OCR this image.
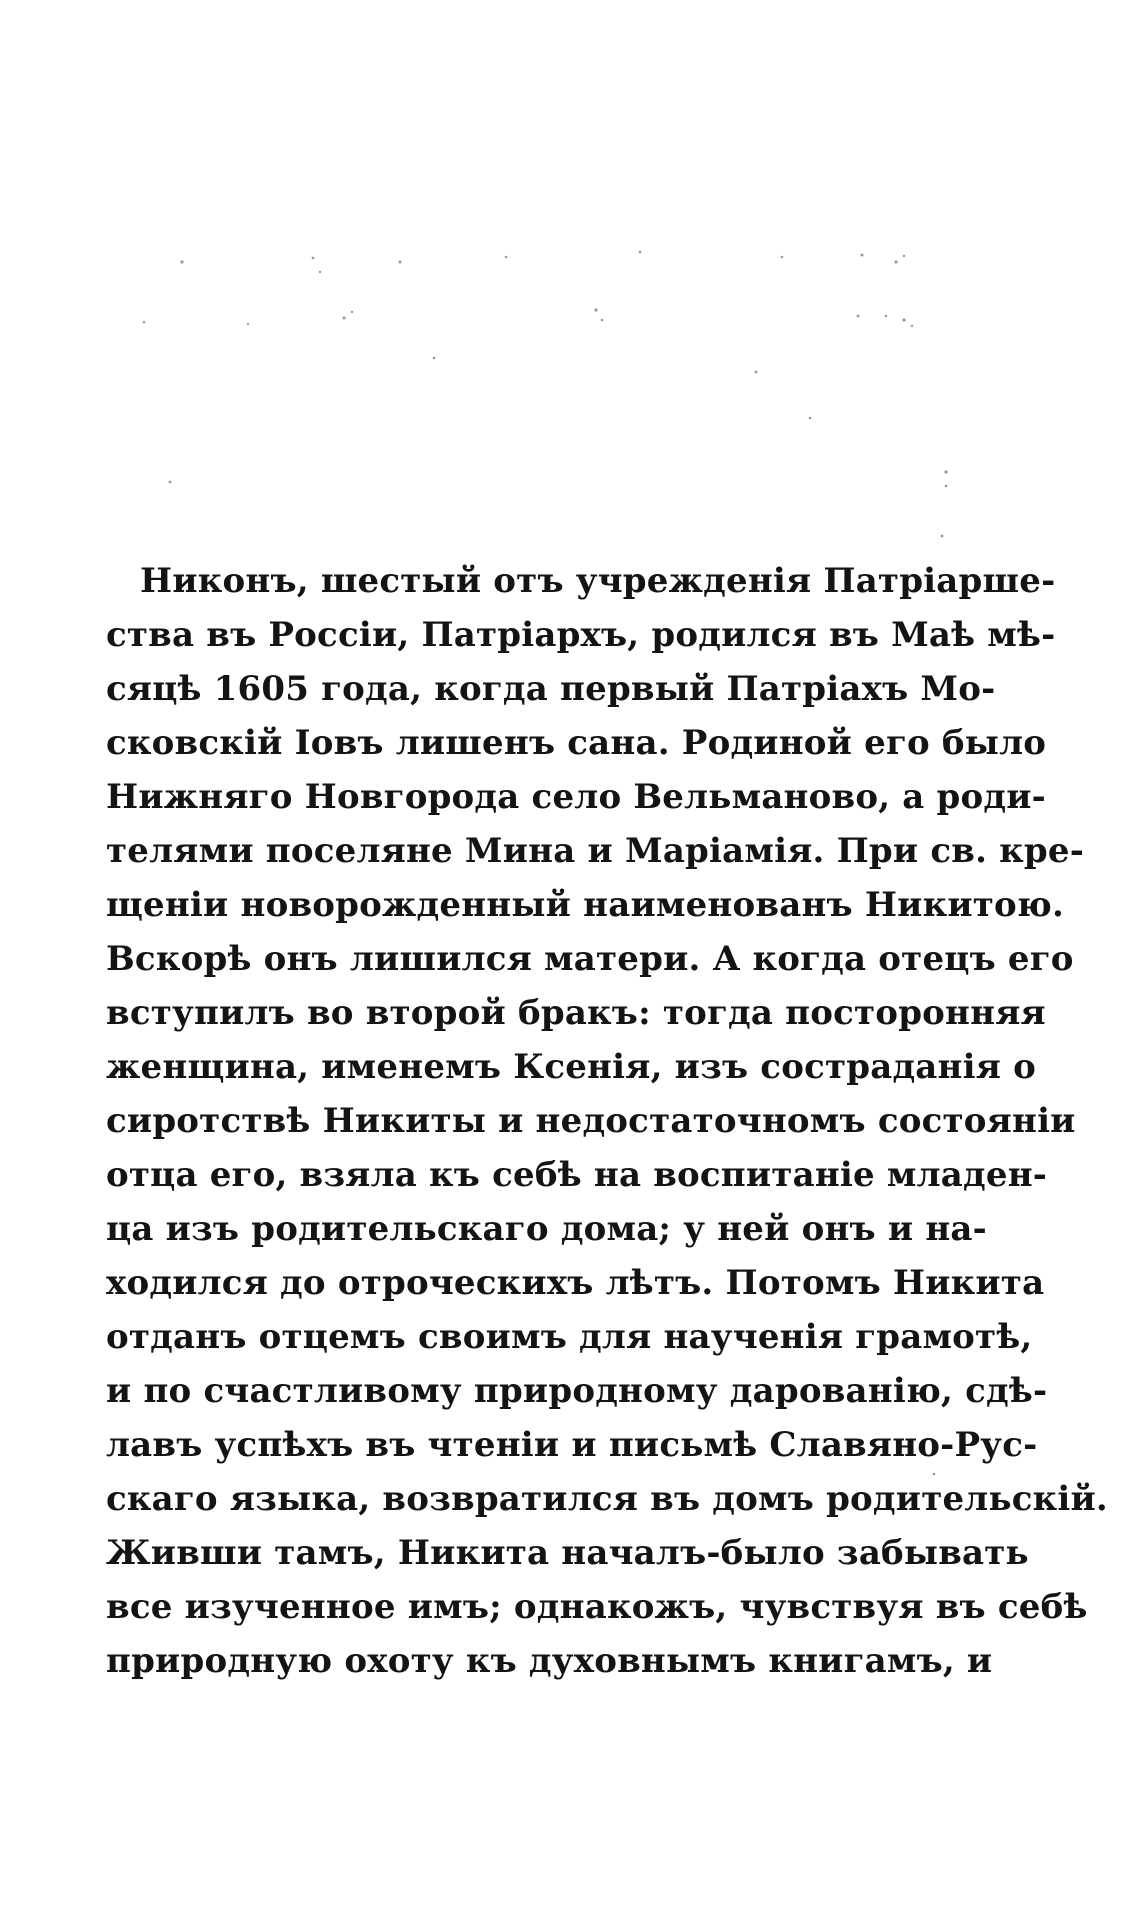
Никонъ, шестый отъ учрежденія Патріарше-
ства въ Россіи, Патріархъ, родился въ Маѣ мѣ-
сяцѣ 1605 года, когда первый Патріахъ Мо-
сковскій Іовъ лишенъ сана. Родиной его было
Нижняго Новгорода село Вельманово, а роди-
телями поселяне Мина и Маріамія. При св. кре-
щеніи новорожденный наименованъ Никитою.
Вскорѣ онъ лишился матери. А когда отецъ его
вступилъ во второй бракъ: тогда посторонняя
женщина, именемъ Ксенія, изъ состраданія о
сиротствѣ Никиты и недостаточномъ состояніи
отца его, взяла къ себѣ на воспитаніе младен-
ца изъ родительскаго дома; у ней онъ и на-
ходился до отроческихъ лѣтъ. Потомъ Никита
отданъ отцемъ своимъ для наученія грамотѣ,
и по счастливому природному дарованію, сдѣ-
лавъ успѣхъ въ чтеніи и письмѣ Славяно-Рус-
скаго языка, возвратился въ домъ родительскій.
Живши тамъ, Никита началъ-было забывать
все изученное имъ; однакожъ, чувствуя въ себѣ
природную охоту къ духовнымъ книгамъ, и
